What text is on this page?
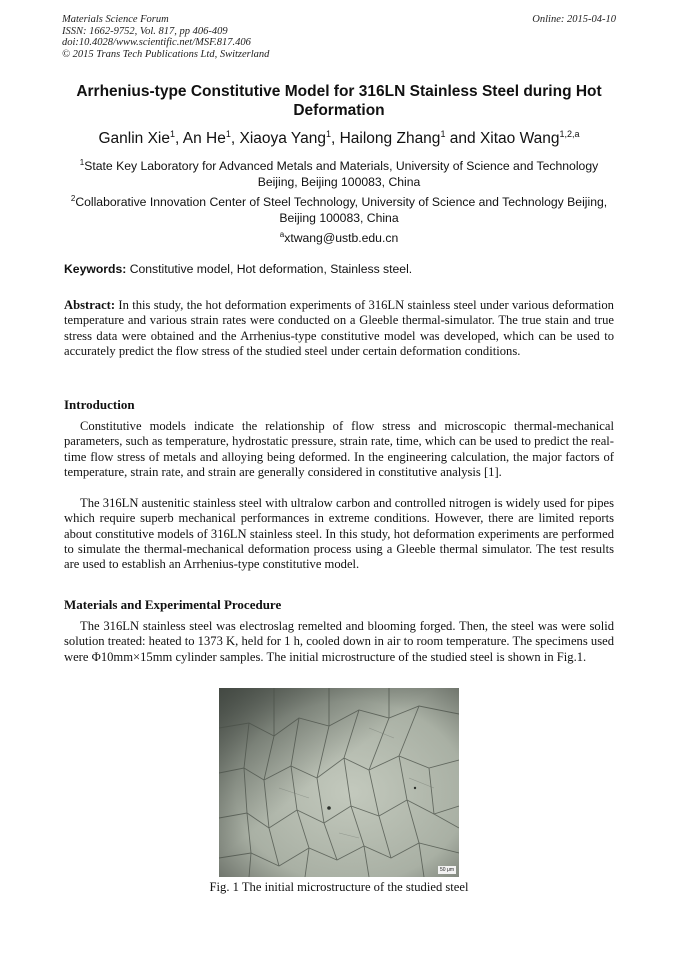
Materials Science Forum
ISSN: 1662-9752, Vol. 817, pp 406-409
doi:10.4028/www.scientific.net/MSF.817.406
© 2015 Trans Tech Publications Ltd, Switzerland
Online: 2015-04-10
Arrhenius-type Constitutive Model for 316LN Stainless Steel during Hot Deformation
Ganlin Xie$^1$, An He$^1$, Xiaoya Yang$^1$, Hailong Zhang$^1$ and Xitao Wang$^{1,2,a}$
$^1$State Key Laboratory for Advanced Metals and Materials, University of Science and Technology Beijing, Beijing 100083, China
$^2$Collaborative Innovation Center of Steel Technology, University of Science and Technology Beijing, Beijing 100083, China
$^a$xtwang@ustb.edu.cn
Keywords: Constitutive model, Hot deformation, Stainless steel.
Abstract: In this study, the hot deformation experiments of 316LN stainless steel under various deformation temperature and various strain rates were conducted on a Gleeble thermal-simulator. The true stain and true stress data were obtained and the Arrhenius-type constitutive model was developed, which can be used to accurately predict the flow stress of the studied steel under certain deformation conditions.
Introduction
Constitutive models indicate the relationship of flow stress and microscopic thermal-mechanical parameters, such as temperature, hydrostatic pressure, strain rate, time, which can be used to predict the real-time flow stress of metals and alloying being deformed. In the engineering calculation, the major factors of temperature, strain rate, and strain are generally considered in constitutive analysis [1].
The 316LN austenitic stainless steel with ultralow carbon and controlled nitrogen is widely used for pipes which require superb mechanical performances in extreme conditions. However, there are limited reports about constitutive models of 316LN stainless steel. In this study, hot deformation experiments are performed to simulate the thermal-mechanical deformation process using a Gleeble thermal simulator. The test results are used to establish an Arrhenius-type constitutive model.
Materials and Experimental Procedure
The 316LN stainless steel was electroslag remelted and blooming forged. Then, the steel was were solid solution treated: heated to 1373 K, held for 1 h, cooled down in air to room temperature. The specimens used were Φ10mm×15mm cylinder samples. The initial microstructure of the studied steel is shown in Fig.1.
50 μm
Fig. 1 The initial microstructure of the studied steel
